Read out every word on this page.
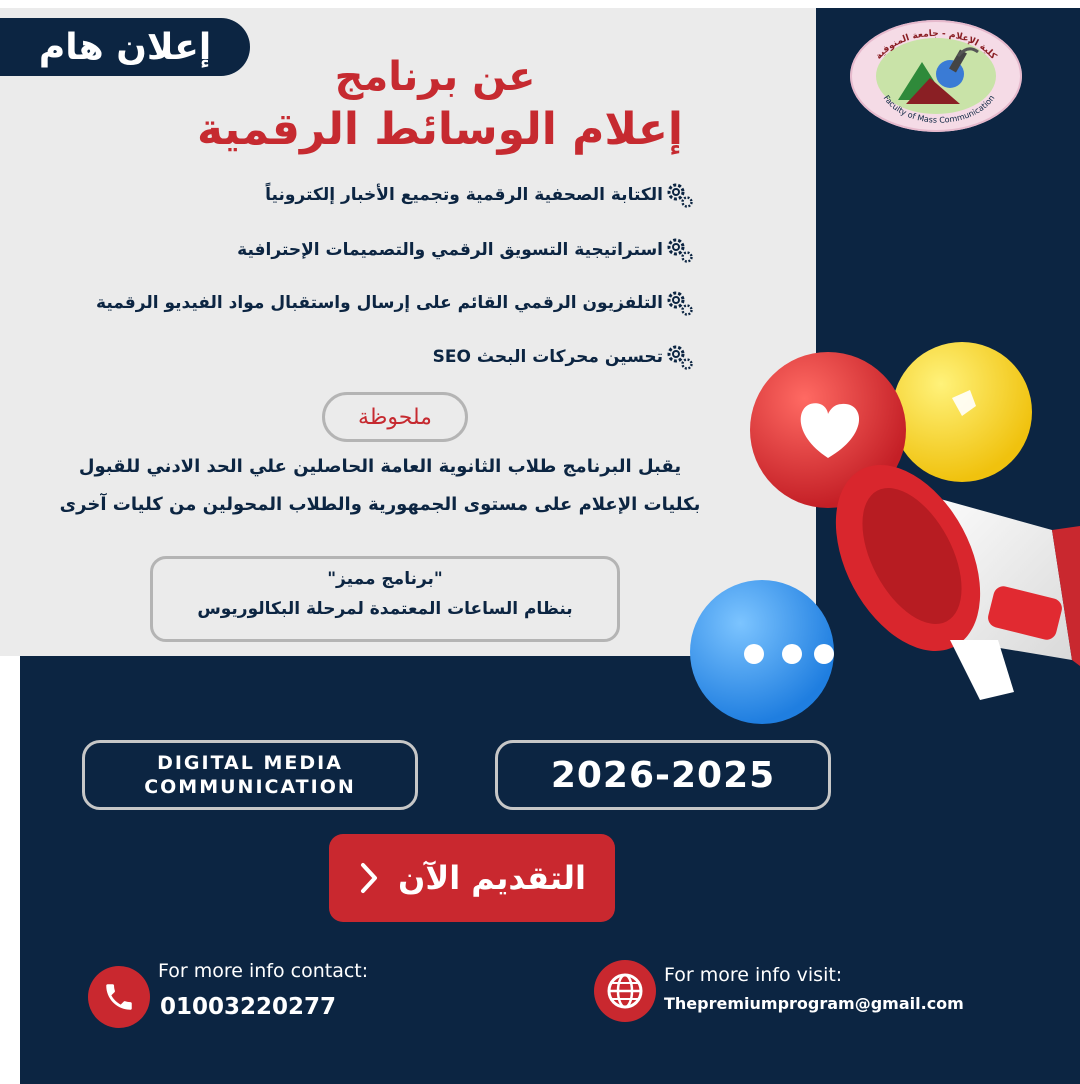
إعلان هام	كلية الإعلام - جامعة المنوفية
Faculty of Mass Communication
عن برنامج
إعلام الوسائط الرقمية
الكتابة الصحفية الرقمية وتجميع الأخبار إلكترونياً
استراتيجية التسويق الرقمي والتصميمات الإحترافية
التلفزيون الرقمي القائم على إرسال واستقبال مواد الفيديو الرقمية
تحسين محركات البحث SEO
ملحوظة
يقبل البرنامج طلاب الثانوية العامة الحاصلين علي الحد الادني للقبول
بكليات الإعلام على مستوى الجمهورية والطلاب المحولين من كليات آخرى
"برنامج مميز"
بنظام الساعات المعتمدة لمرحلة البكالوريوس
DIGITAL MEDIA
COMMUNICATION	2026-2025
التقديم الآن
For more info contact:
01003220277
For more info visit:
Thepremiumprogram@gmail.com
